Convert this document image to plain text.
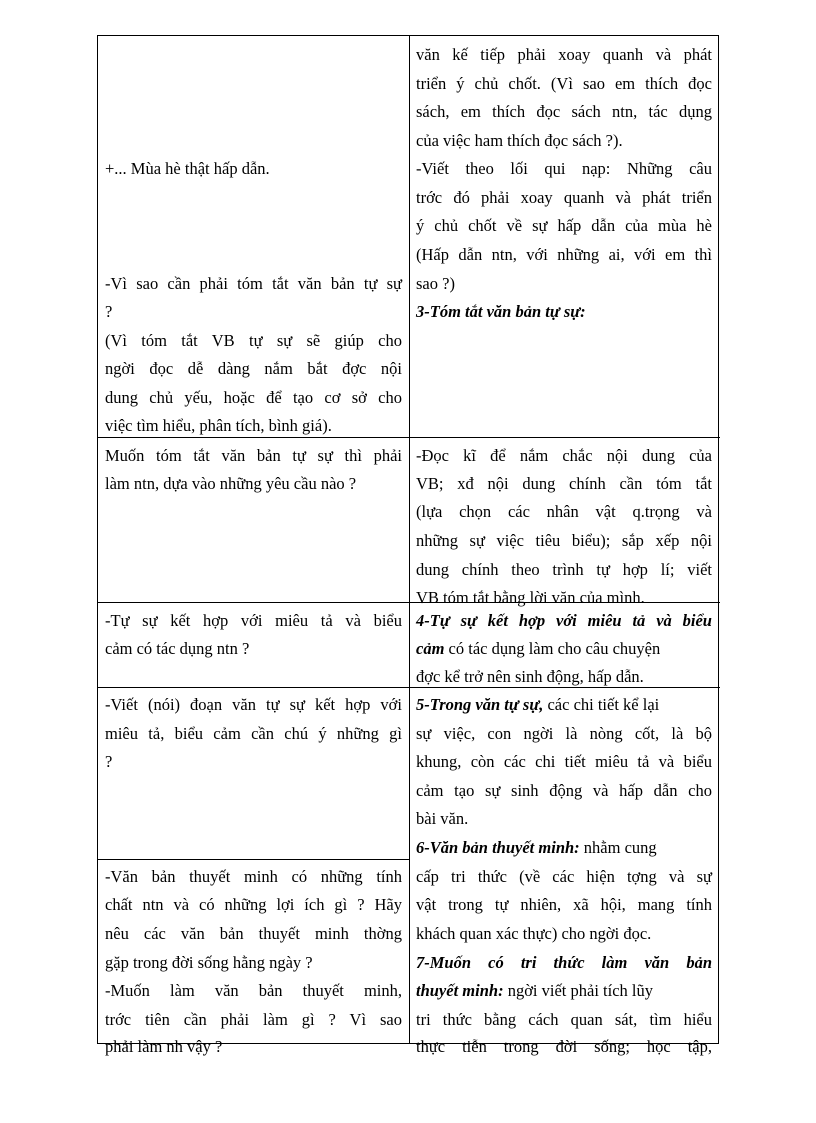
+... Mùa hè thật hấp dẫn.
-Vì sao cần phải tóm tắt văn bản tự sự
?
(Vì tóm tắt VB tự sự sẽ giúp cho
ngời đọc dễ dàng nắm bắt đợc nội
dung chủ yếu, hoặc để tạo cơ sở cho
việc tìm hiểu, phân tích, bình giá).
Muốn tóm tắt văn bản tự sự thì phải
làm ntn, dựa vào những yêu cầu nào ?
-Tự sự kết hợp với miêu tả và biểu
cảm có tác dụng ntn ?
-Viết (nói) đoạn văn tự sự kết hợp với
miêu tả, biểu cảm cần chú ý những gì
?
-Văn bản thuyết minh có những tính
chất ntn và có những lợi ích gì ? Hãy
nêu các văn bản thuyết minh thờng
gặp trong đời sống hằng ngày ?
-Muốn làm văn bản thuyết minh,
trớc tiên cần phải làm gì ? Vì sao
phải làm nh vậy ?
văn kế tiếp phải xoay quanh và phát
triển ý chủ chốt. (Vì sao em thích đọc
sách, em thích đọc sách ntn, tác dụng
của việc ham thích đọc sách ?).
-Viết theo lối qui nạp: Những câu
trớc đó phải xoay quanh và phát triển
ý chủ chốt về sự hấp dẫn của mùa hè
(Hấp dẫn ntn, với những ai, với em thì
sao ?)
3-Tóm tắt văn bản tự sự:
-Đọc kĩ để nắm chắc nội dung của
VB; xđ nội dung chính cần tóm tắt
(lựa chọn các nhân vật q.trọng và
những sự việc tiêu biểu); sắp xếp nội
dung chính theo trình tự hợp lí; viết
VB tóm tắt bằng lời văn của mình.
4-Tự sự kết hợp với miêu tả và biểu
cảm có tác dụng làm cho câu chuyện
đợc kể trở nên sinh động, hấp dẫn.
5-Trong văn tự sự, các chi tiết kể lại
sự việc, con ngời là nòng cốt, là bộ
khung, còn các chi tiết miêu tả và biểu
cảm tạo sự sinh động và hấp dẫn cho
bài văn.
6-Văn bản thuyết minh: nhằm cung
cấp tri thức (về các hiện tợng và sự
vật trong tự nhiên, xã hội, mang tính
khách quan xác thực) cho ngời đọc.
7-Muốn có tri thức làm văn bản
thuyết minh: ngời viết phải tích lũy
tri thức bằng cách quan sát, tìm hiểu
thực tiễn trong đời sống; học tập,
